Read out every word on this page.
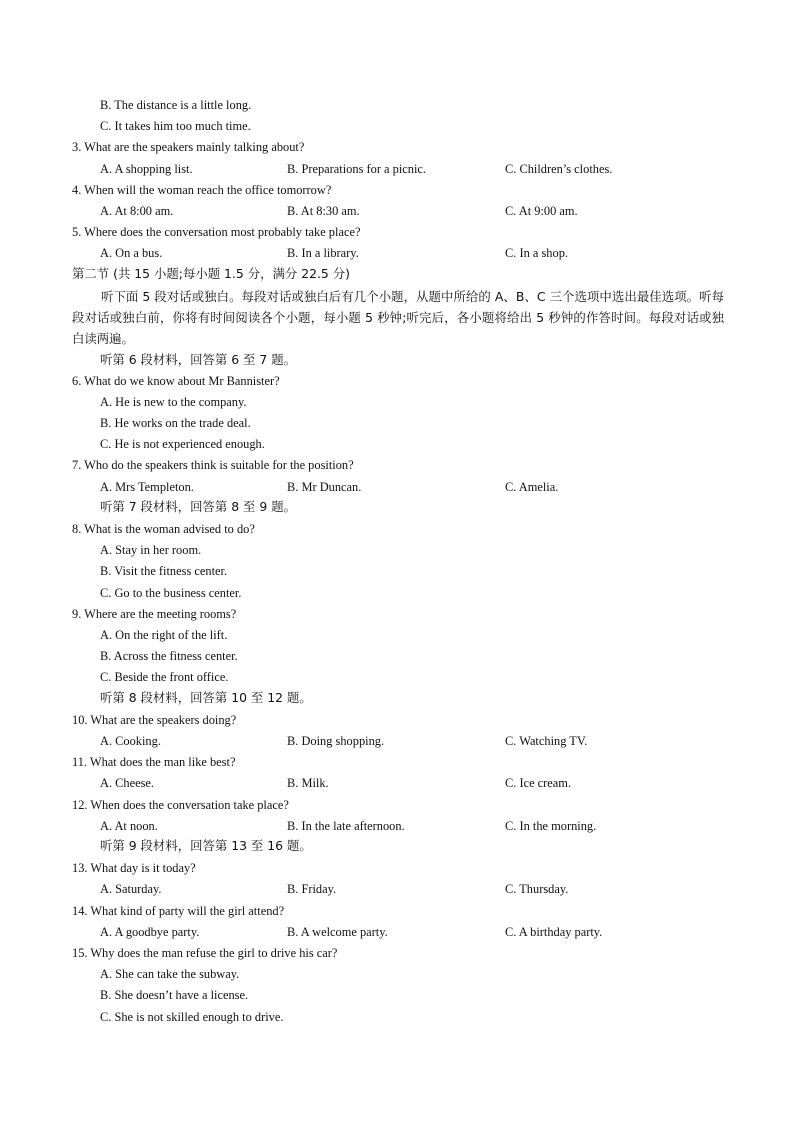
B. The distance is a little long.
C. It takes him too much time.
3. What are the speakers mainly talking about?
A. A shopping list.	B. Preparations for a picnic.	C. Children’s clothes.
4. When will the woman reach the office tomorrow?
A. At 8:00 am.	B. At 8:30 am.	C. At 9:00 am.
5. Where does the conversation most probably take place?
A. On a bus.	B. In a library.	C. In a shop.
第二节 (共 15 小题;每小题 1.5 分，满分 22.5 分)
听下面 5 段对话或独白。每段对话或独白后有几个小题，从题中所给的 A、B、C 三个选项中选出最佳选项。听每段对话或独白前，你将有时间阅读各个小题，每小题 5 秒钟;听完后，各小题将给出 5 秒钟的作答时间。每段对话或独白读两遍。
听第 6 段材料，回答第 6 至 7 题。
6. What do we know about Mr Bannister?
A. He is new to the company.
B. He works on the trade deal.
C. He is not experienced enough.
7. Who do the speakers think is suitable for the position?
A. Mrs Templeton.	B. Mr Duncan.	C. Amelia.
听第 7 段材料，回答第 8 至 9 题。
8. What is the woman advised to do?
A. Stay in her room.
B. Visit the fitness center.
C. Go to the business center.
9. Where are the meeting rooms?
A. On the right of the lift.
B. Across the fitness center.
C. Beside the front office.
听第 8 段材料，回答第 10 至 12 题。
10. What are the speakers doing?
A. Cooking.	B. Doing shopping.	C. Watching TV.
11. What does the man like best?
A. Cheese.	B. Milk.	C. Ice cream.
12. When does the conversation take place?
A. At noon.	B. In the late afternoon.	C. In the morning.
听第 9 段材料，回答第 13 至 16 题。
13. What day is it today?
A. Saturday.	B. Friday.	C. Thursday.
14. What kind of party will the girl attend?
A. A goodbye party.	B. A welcome party.	C. A birthday party.
15. Why does the man refuse the girl to drive his car?
A. She can take the subway.
B. She doesn’t have a license.
C. She is not skilled enough to drive.
